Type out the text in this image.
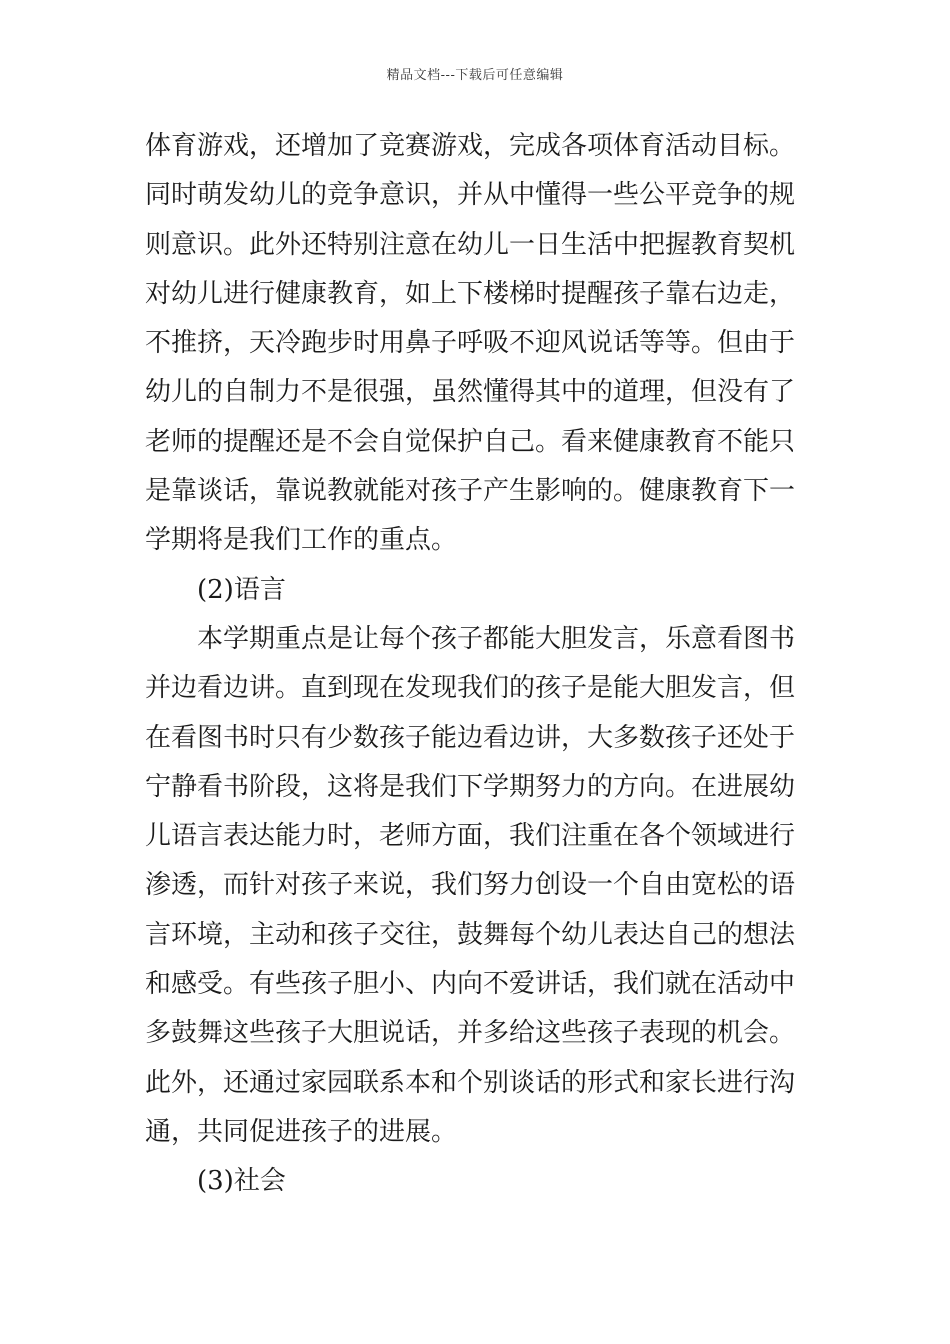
精品文档---下载后可任意编辑
体育游戏，还增加了竞赛游戏，完成各项体育活动目标。
同时萌发幼儿的竞争意识，并从中懂得一些公平竞争的规
则意识。此外还特别注意在幼儿一日生活中把握教育契机
对幼儿进行健康教育，如上下楼梯时提醒孩子靠右边走，
不推挤，天冷跑步时用鼻子呼吸不迎风说话等等。但由于
幼儿的自制力不是很强，虽然懂得其中的道理，但没有了
老师的提醒还是不会自觉保护自己。看来健康教育不能只
是靠谈话，靠说教就能对孩子产生影响的。健康教育下一
学期将是我们工作的重点。
(2)语言
本学期重点是让每个孩子都能大胆发言，乐意看图书
并边看边讲。直到现在发现我们的孩子是能大胆发言，但
在看图书时只有少数孩子能边看边讲，大多数孩子还处于
宁静看书阶段，这将是我们下学期努力的方向。在进展幼
儿语言表达能力时，老师方面，我们注重在各个领域进行
渗透，而针对孩子来说，我们努力创设一个自由宽松的语
言环境，主动和孩子交往，鼓舞每个幼儿表达自己的想法
和感受。有些孩子胆小、内向不爱讲话，我们就在活动中
多鼓舞这些孩子大胆说话，并多给这些孩子表现的机会。
此外，还通过家园联系本和个别谈话的形式和家长进行沟
通，共同促进孩子的进展。
(3)社会
